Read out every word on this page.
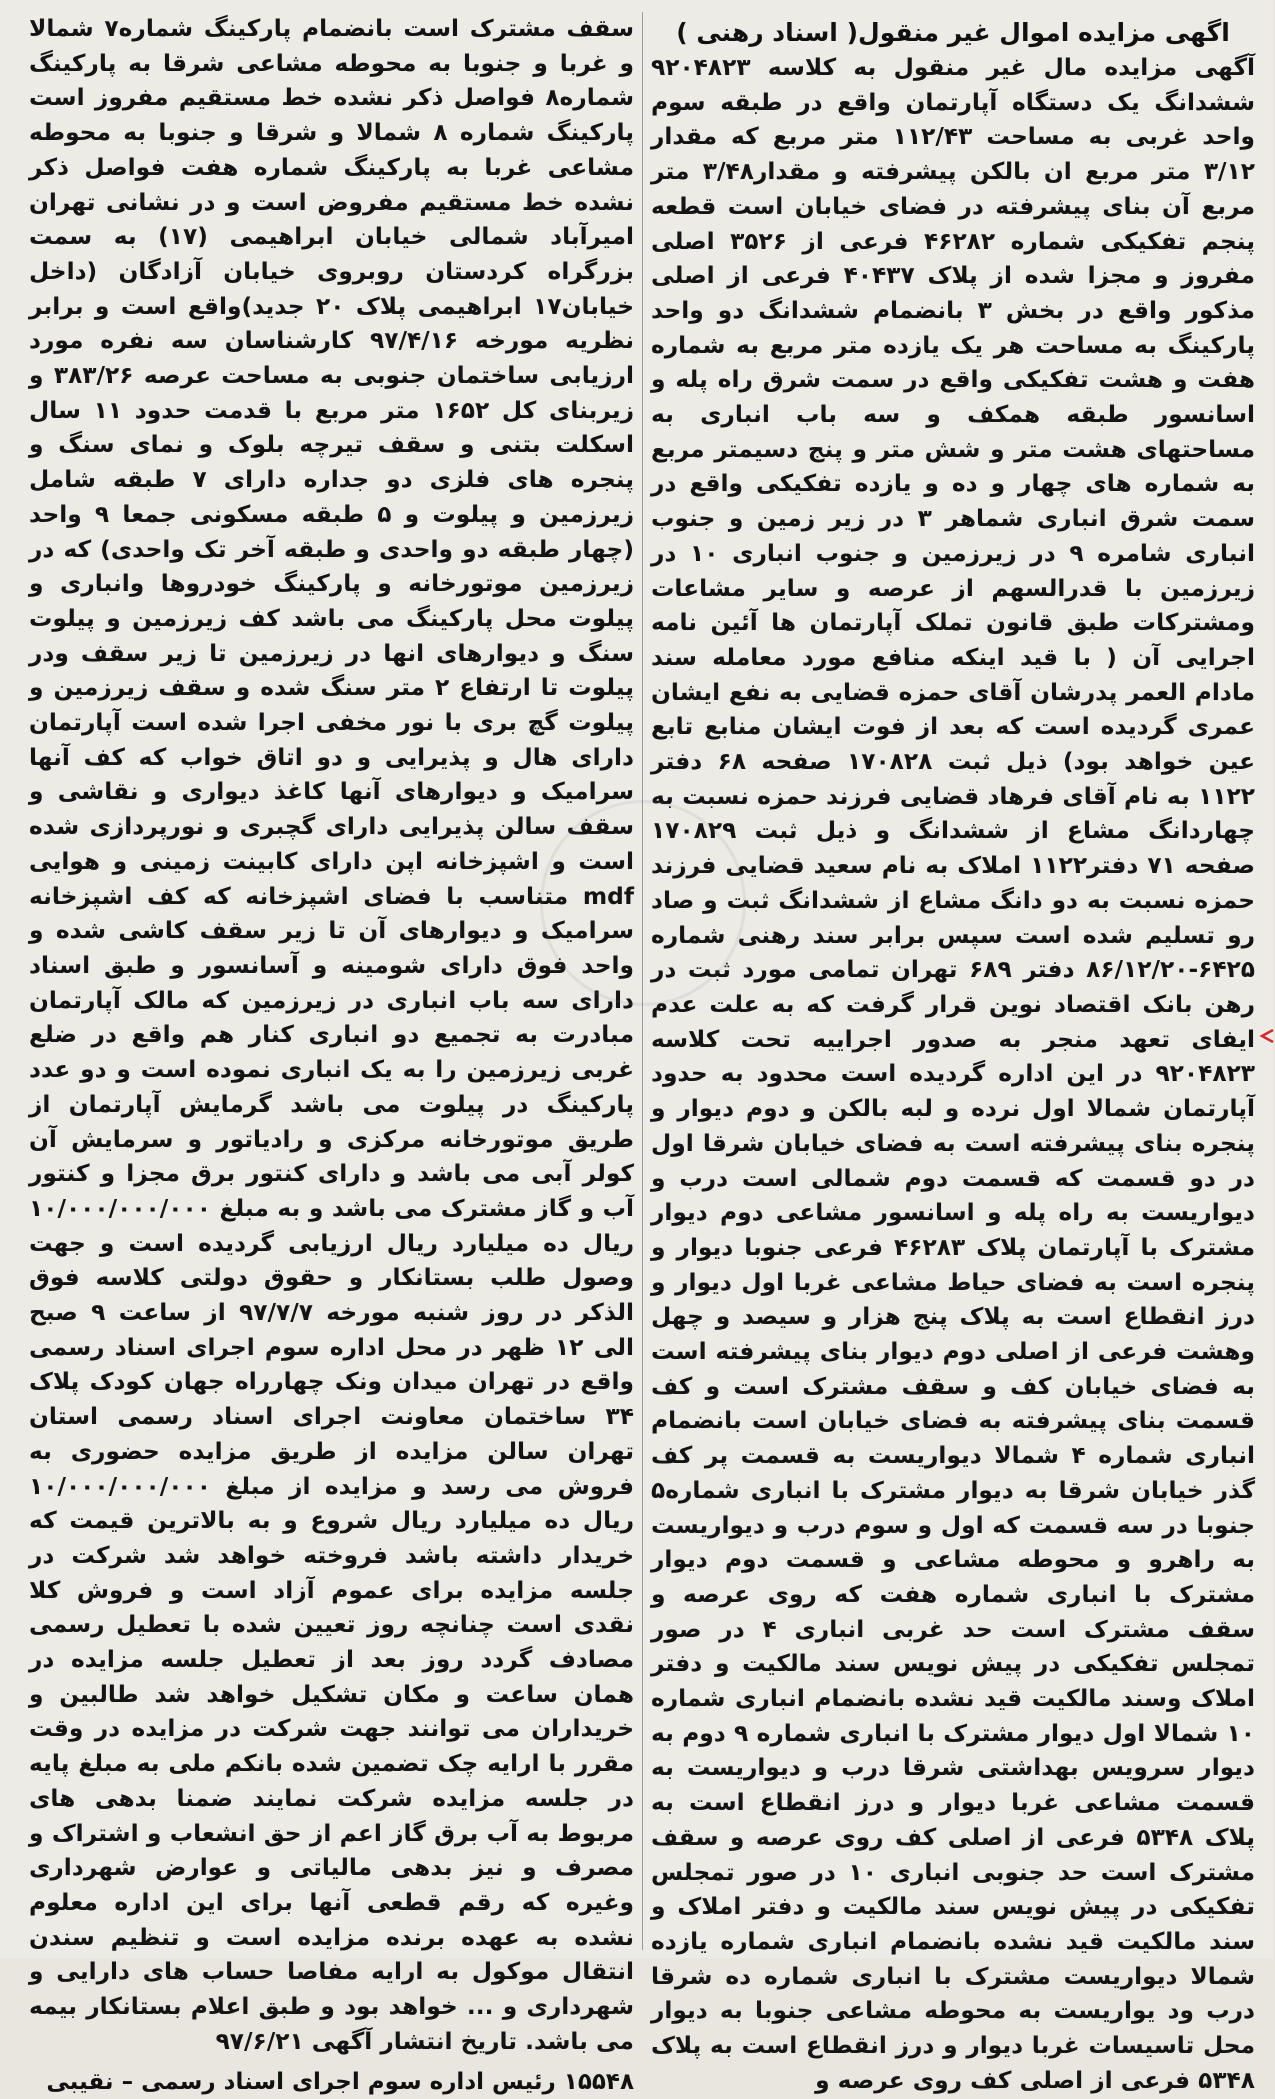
اگهی مزایده اموال غیر منقول( اسناد رهنی )

آگهی مزایده مال غیر منقول به کلاسه ۹۲۰۴۸۲۳ ششدانگ یک دستگاه آپارتمان واقع در طبقه سوم واحد غربی به مساحت ۱۱۲/۴۳ متر مربع که مقدار ۳/۱۲ متر مربع ان بالکن پیشرفته و مقدار۳/۴۸ متر مربع آن بنای پیشرفته در فضای خیابان است قطعه پنجم تفکیکی شماره ۴۶۲۸۲ فرعی از ۳۵۲۶ اصلی مفروز و مجزا شده از پلاک ۴۰۴۳۷ فرعی از اصلی مذکور واقع در بخش ۳ بانضمام ششدانگ دو واحد پارکینگ به مساحت هر یک یازده متر مربع به شماره هفت و هشت تفکیکی واقع در سمت شرق راه پله و اسانسور طبقه همکف و سه باب انباری به مساحتهای هشت متر و شش متر و پنج دسیمتر مربع به شماره های چهار و ده و یازده تفکیکی واقع در سمت شرق انباری شماهر ۳ در زیر زمین و جنوب انباری شامره ۹ در زیرزمین و جنوب انباری ۱۰ در زیرزمین با قدرالسهم از عرصه و سایر مشاعات ومشترکات طبق قانون تملک آپارتمان ها آئین نامه اجرایی آن ( با قید اینکه منافع مورد معامله سند مادام العمر پدرشان آقای حمزه قضایی به نفع ایشان عمری گردیده است که بعد از فوت ایشان منابع تابع عین خواهد بود) ذیل ثبت ۱۷۰۸۲۸ صفحه ۶۸ دفتر ۱۱۲۲ به نام آقای فرهاد قضایی فرزند حمزه نسبت به چهاردانگ مشاع از ششدانگ و ذیل ثبت ۱۷۰۸۲۹ صفحه ۷۱ دفتر۱۱۲۲ املاک به نام سعید قضایی فرزند حمزه نسبت به دو دانگ مشاع از ششدانگ ثبت و صاد رو تسلیم شده است سپس برابر سند رهنی شماره ۶۴۲۵-۸۶/۱۲/۲۰ دفتر ۶۸۹ تهران تمامی مورد ثبت در رهن بانک اقتصاد نوین قرار گرفت که به علت عدم ایفای تعهد منجر به صدور اجراییه تحت کلاسه ۹۲۰۴۸۲۳ در این اداره گردیده است محدود به حدود آپارتمان شمالا اول نرده و لبه بالکن و دوم دیوار و پنجره بنای پیشرفته است به فضای خیابان شرقا اول در دو قسمت که قسمت دوم شمالی است درب و دیواریست به راه پله و اسانسور مشاعی دوم دیوار مشترک با آپارتمان پلاک ۴۶۲۸۳ فرعی جنوبا دیوار و پنجره است به فضای حیاط مشاعی غربا اول دیوار و درز انقطاع است به پلاک پنج هزار و سیصد و چهل وهشت فرعی از اصلی دوم دیوار بنای پیشرفته است به فضای خیابان کف و سقف مشترک است و کف قسمت بنای پیشرفته به فضای خیابان است بانضمام انباری شماره ۴ شمالا دیواریست به قسمت پر کف گذر خیابان شرقا به دیوار مشترک با انباری شماره۵ جنوبا در سه قسمت که اول و سوم درب و دیواریست به راهرو و محوطه مشاعی و قسمت دوم دیوار مشترک با انباری شماره هفت که روی عرصه و سقف مشترک است حد غربی انباری ۴ در صور تمجلس تفکیکی در پیش نویس سند مالکیت و دفتر املاک وسند مالکیت قید نشده بانضمام انباری شماره ۱۰ شمالا اول دیوار مشترک با انباری شماره ۹ دوم به دیوار سرویس بهداشتی شرقا درب و دیواریست به قسمت مشاعی غربا دیوار و درز انقطاع است به پلاک ۵۳۴۸ فرعی از اصلی کف روی عرصه و سقف مشترک است حد جنوبی انباری ۱۰ در صور تمجلس تفکیکی در پیش نویس سند مالکیت و دفتر املاک و سند مالکیت قید نشده بانضمام انباری شماره یازده شمالا دیواریست مشترک با انباری شماره ده شرقا درب ود یواریست به محوطه مشاعی جنوبا به دیوار محل تاسیسات غربا دیوار و درز انقطاع است به پلاک ۵۳۴۸ فرعی از اصلی کف روی عرصه و

سقف مشترک است بانضمام پارکینگ شماره۷ شمالا و غربا و جنوبا به محوطه مشاعی شرقا به پارکینگ شماره۸ فواصل ذکر نشده خط مستقیم مفروز است پارکینگ شماره ۸ شمالا و شرقا و جنوبا به محوطه مشاعی غربا به پارکینگ شماره هفت فواصل ذکر نشده خط مستقیم مفروض است و در نشانی تهران امیرآباد شمالی خیابان ابراهیمی (۱۷) به سمت بزرگراه کردستان روبروی خیابان آزادگان (داخل خیابان۱۷ ابراهیمی پلاک ۲۰ جدید)واقع است و برابر نظریه مورخه ۹۷/۴/۱۶ کارشناسان سه نفره مورد ارزیابی ساختمان جنوبی به مساحت عرصه ۳۸۳/۲۶ و زیربنای کل ۱۶۵۲ متر مربع با قدمت حدود ۱۱ سال اسکلت بتنی و سقف تیرچه بلوک و نمای سنگ و پنجره های فلزی دو جداره دارای ۷ طبقه شامل زیرزمین و پیلوت و ۵ طبقه مسکونی جمعا ۹ واحد (چهار طبقه دو واحدی و طبقه آخر تک واحدی) که در زیرزمین موتورخانه و پارکینگ خودروها وانباری و پیلوت محل پارکینگ می باشد کف زیرزمین و پیلوت سنگ و دیوارهای انها در زیرزمین تا زیر سقف ودر پیلوت تا ارتفاع ۲ متر سنگ شده و سقف زیرزمین و پیلوت گچ بری با نور مخفی اجرا شده است آپارتمان دارای هال و پذیرایی و دو اتاق خواب که کف آنها سرامیک و دیوارهای آنها کاغذ دیواری و نقاشی و سقف سالن پذیرایی دارای گچبری و نورپردازی شده است و اشپزخانه اپن دارای کابینت زمینی و هوایی mdf متناسب با فضای اشپزخانه که کف اشپزخانه سرامیک و دیوارهای آن تا زیر سقف کاشی شده و واحد فوق دارای شومینه و آسانسور و طبق اسناد دارای سه باب انباری در زیرزمین که مالک آپارتمان مبادرت به تجمیع دو انباری کنار هم واقع در ضلع غربی زیرزمین را به یک انباری نموده است و دو عدد پارکینگ در پیلوت می باشد گرمایش آپارتمان از طریق موتورخانه مرکزی و رادیاتور و سرمایش آن کولر آبی می باشد و دارای کنتور برق مجزا و کنتور آب و گاز مشترک می باشد و به مبلغ ۱۰/۰۰۰/۰۰۰/۰۰۰ ریال ده میلیارد ریال ارزیابی گردیده است و جهت وصول طلب بستانکار و حقوق دولتی کلاسه فوق الذکر در روز شنبه مورخه ۹۷/۷/۷ از ساعت ۹ صبح الی ۱۲ ظهر در محل اداره سوم اجرای اسناد رسمی واقع در تهران میدان ونک چهارراه جهان کودک پلاک ۳۴ ساختمان معاونت اجرای اسناد رسمی استان تهران سالن مزایده از طریق مزایده حضوری به فروش می رسد و مزایده از مبلغ ۱۰/۰۰۰/۰۰۰/۰۰۰ ریال ده میلیارد ریال شروع و به بالاترین قیمت که خریدار داشته باشد فروخته خواهد شد شرکت در جلسه مزایده برای عموم آزاد است و فروش کلا نقدی است چنانچه روز تعیین شده با تعطیل رسمی مصادف گردد روز بعد از تعطیل جلسه مزایده در همان ساعت و مکان تشکیل خواهد شد طالبین و خریداران می توانند جهت شرکت در مزایده در وقت مقرر با ارایه چک تضمین شده بانکم ملی به مبلغ پایه در جلسه مزایده شرکت نمایند ضمنا بدهی های مربوط به آب برق گاز اعم از حق انشعاب و اشتراک و مصرف و نیز بدهی مالیاتی و عوارض شهرداری وغیره که رقم قطعی آنها برای این اداره معلوم نشده به عهده برنده مزایده است و تنظیم سندن انتقال موکول به ارایه مفاصا حساب های دارایی و شهرداری و ... خواهد بود و طبق اعلام بستانکار بیمه می باشد. تاریخ انتشار آگهی ۹۷/۶/۲۱

۱۵۵۴۸ رئیس اداره سوم اجرای اسناد رسمی – نقیبی
